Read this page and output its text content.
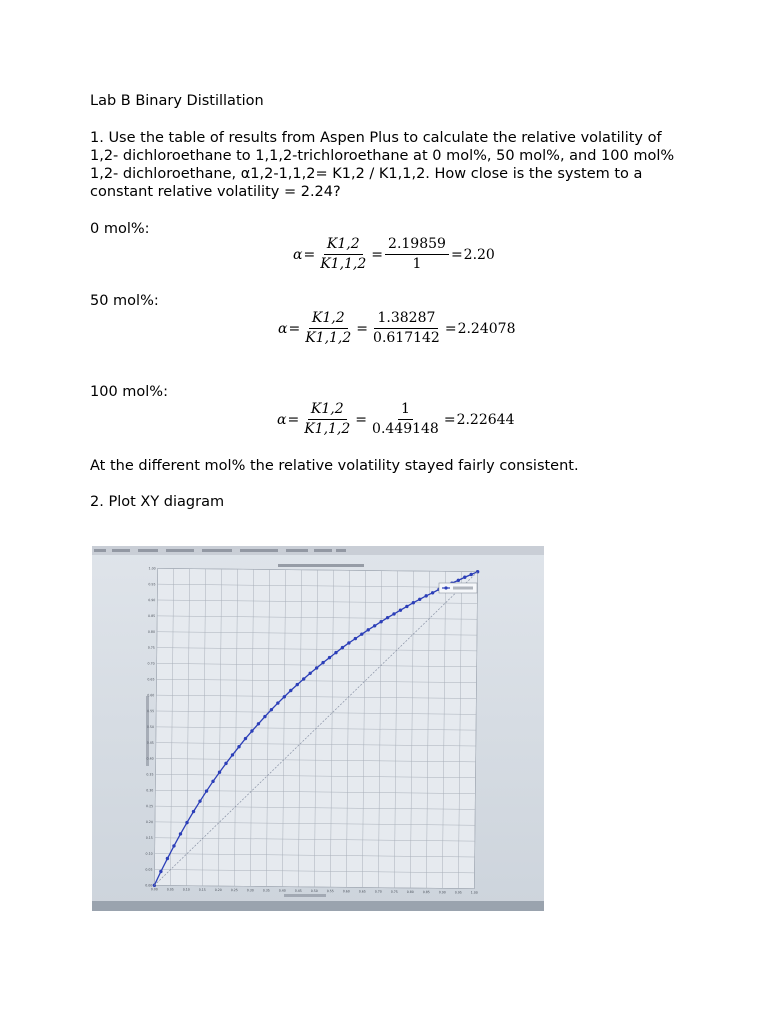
Lab B Binary Distillation

1. Use the table of results from Aspen Plus to calculate the relative volatility of 1,2- dichloroethane to 1,1,2-trichloroethane at 0 mol%, 50 mol%, and 100 mol% 1,2- dichloroethane, α1,2-1,1,2= K1,2 / K1,1,2. How close is the system to a constant relative volatility = 2.24?

0 mol%:
$\alpha = \frac{K1,2}{K1,1,2} = \frac{2.19859}{1} = 2.20$
50 mol%:
$\alpha = \frac{K1,2}{K1,1,2} = \frac{1.38287}{0.617142} = 2.24078$
100 mol%:
$\alpha = \frac{K1,2}{K1,1,2} = \frac{1}{0.449148} = 2.22644$
At the different mol% the relative volatility stayed fairly consistent.
2. Plot XY diagram
0.00	0.05	0.10	0.15	0.20	0.25	0.30	0.35	0.40	0.45	0.50	0.55	0.60	0.65	0.70	0.75	0.80	0.85	0.90	0.95	1.00
0.00
0.05
0.10
0.15
0.20
0.25
0.30
0.35
0.40
0.45
0.50
0.55
0.60
0.65
0.70
0.75
0.80
0.85
0.90
0.95
1.00
